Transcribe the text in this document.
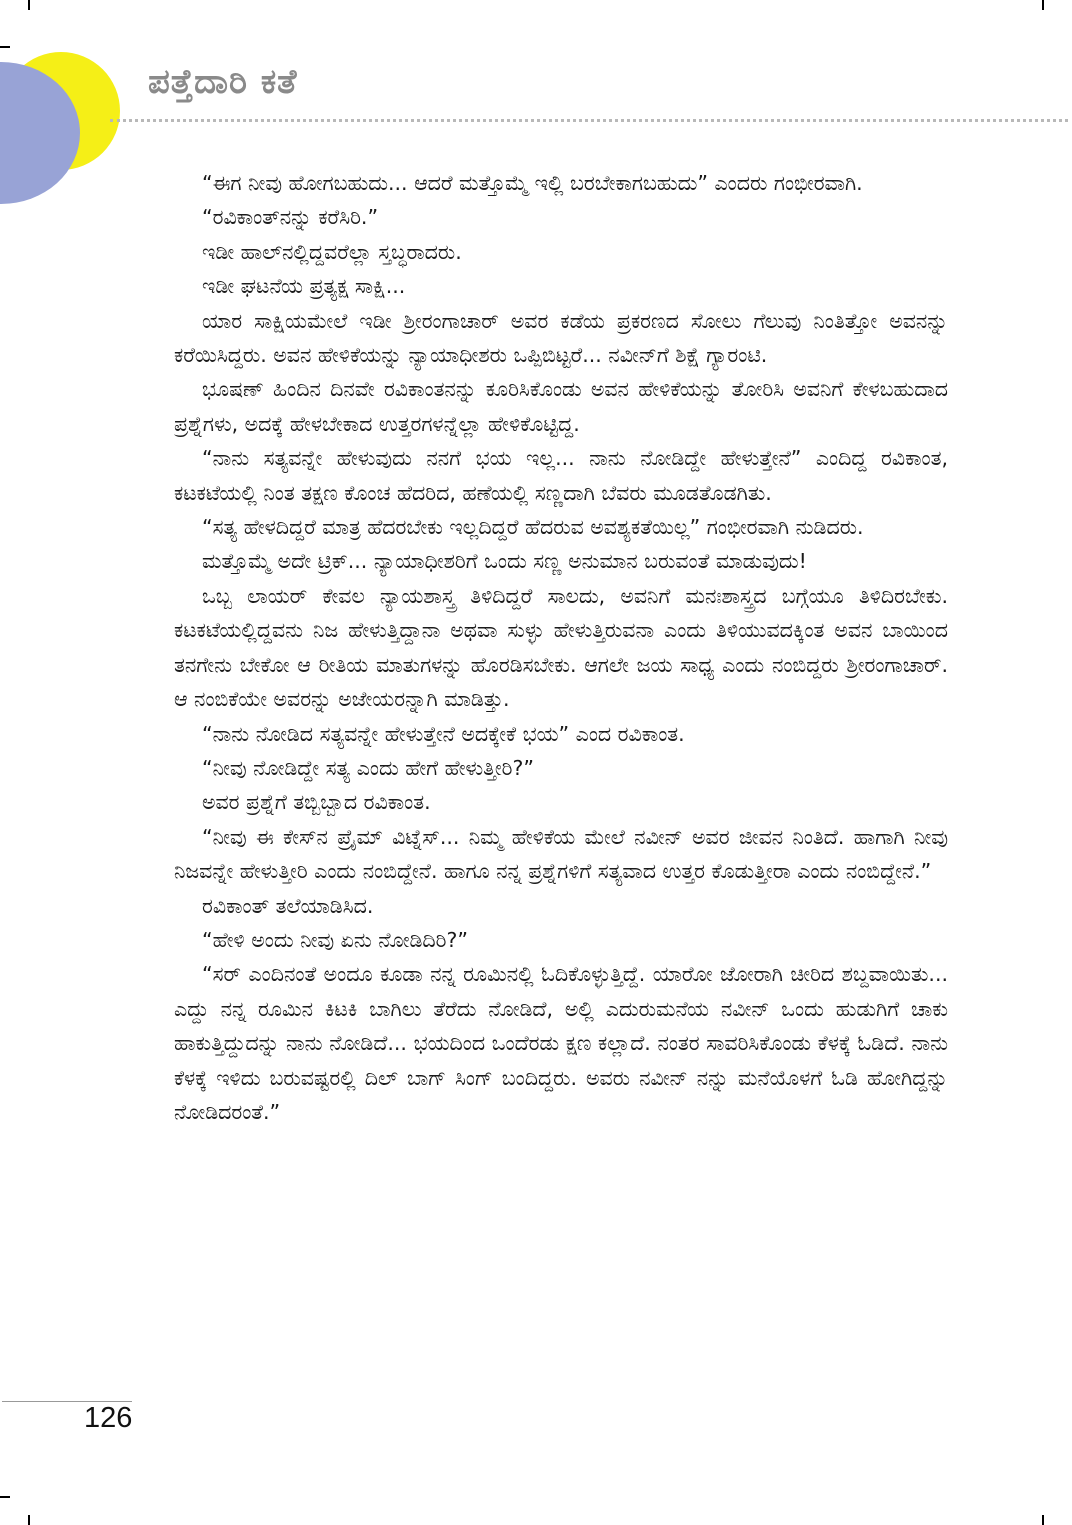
ಪತ್ತೆದಾರಿ ಕತೆ

“ಈಗ ನೀವು ಹೋಗಬಹುದು... ಆದರೆ ಮತ್ತೊಮ್ಮೆ ಇಲ್ಲಿ ಬರಬೇಕಾಗಬಹುದು” ಎಂದರು ಗಂಭೀರವಾಗಿ.

“ರವಿಕಾಂತ್‌ನನ್ನು ಕರೆಸಿರಿ.”

ಇಡೀ ಹಾಲ್‌ನಲ್ಲಿದ್ದವರೆಲ್ಲಾ ಸ್ತಬ್ಧರಾದರು.

ಇಡೀ ಘಟನೆಯ ಪ್ರತ್ಯಕ್ಷ ಸಾಕ್ಷಿ...

ಯಾರ ಸಾಕ್ಷಿಯಮೇಲೆ ಇಡೀ ಶ್ರೀರಂಗಾಚಾರ್ ಅವರ ಕಡೆಯ ಪ್ರಕರಣದ ಸೋಲು ಗೆಲುವು ನಿಂತಿತ್ತೋ ಅವನನ್ನು ಕರೆಯಿಸಿದ್ದರು. ಅವನ ಹೇಳಿಕೆಯನ್ನು ನ್ಯಾಯಾಧೀಶರು ಒಪ್ಪಿಬಿಟ್ಟರೆ... ನವೀನ್‌ಗೆ ಶಿಕ್ಷೆ ಗ್ಯಾರಂಟಿ.

ಭೂಷಣ್ ಹಿಂದಿನ ದಿನವೇ ರವಿಕಾಂತನನ್ನು ಕೂರಿಸಿಕೊಂಡು ಅವನ ಹೇಳಿಕೆಯನ್ನು ತೋರಿಸಿ ಅವನಿಗೆ ಕೇಳಬಹುದಾದ ಪ್ರಶ್ನೆಗಳು, ಅದಕ್ಕೆ ಹೇಳಬೇಕಾದ ಉತ್ತರಗಳನ್ನೆಲ್ಲಾ ಹೇಳಿಕೊಟ್ಟಿದ್ದ.

“ನಾನು ಸತ್ಯವನ್ನೇ ಹೇಳುವುದು ನನಗೆ ಭಯ ಇಲ್ಲ... ನಾನು ನೋಡಿದ್ದೇ ಹೇಳುತ್ತೇನೆ” ಎಂದಿದ್ದ ರವಿಕಾಂತ, ಕಟಕಟೆಯಲ್ಲಿ ನಿಂತ ತಕ್ಷಣ ಕೊಂಚ ಹೆದರಿದ, ಹಣೆಯಲ್ಲಿ ಸಣ್ಣದಾಗಿ ಬೆವರು ಮೂಡತೊಡಗಿತು.

“ಸತ್ಯ ಹೇಳದಿದ್ದರೆ ಮಾತ್ರ ಹೆದರಬೇಕು ಇಲ್ಲದಿದ್ದರೆ ಹೆದರುವ ಅವಶ್ಯಕತೆಯಿಲ್ಲ” ಗಂಭೀರವಾಗಿ ನುಡಿದರು.

ಮತ್ತೊಮ್ಮೆ ಅದೇ ಟ್ರಿಕ್... ನ್ಯಾಯಾಧೀಶರಿಗೆ ಒಂದು ಸಣ್ಣ ಅನುಮಾನ ಬರುವಂತೆ ಮಾಡುವುದು!

ಒಬ್ಬ ಲಾಯರ್ ಕೇವಲ ನ್ಯಾಯಶಾಸ್ತ್ರ ತಿಳಿದಿದ್ದರೆ ಸಾಲದು, ಅವನಿಗೆ ಮನಃಶಾಸ್ತ್ರದ ಬಗ್ಗೆಯೂ ತಿಳಿದಿರಬೇಕು. ಕಟಕಟೆಯಲ್ಲಿದ್ದವನು ನಿಜ ಹೇಳುತ್ತಿದ್ದಾನಾ ಅಥವಾ ಸುಳ್ಳು ಹೇಳುತ್ತಿರುವನಾ ಎಂದು ತಿಳಿಯುವದಕ್ಕಿಂತ ಅವನ ಬಾಯಿಂದ ತನಗೇನು ಬೇಕೋ ಆ ರೀತಿಯ ಮಾತುಗಳನ್ನು ಹೊರಡಿಸಬೇಕು. ಆಗಲೇ ಜಯ ಸಾಧ್ಯ ಎಂದು ನಂಬಿದ್ದರು ಶ್ರೀರಂಗಾಚಾರ್. ಆ ನಂಬಿಕೆಯೇ ಅವರನ್ನು ಅಜೇಯರನ್ನಾಗಿ ಮಾಡಿತ್ತು.

“ನಾನು ನೋಡಿದ ಸತ್ಯವನ್ನೇ ಹೇಳುತ್ತೇನೆ ಅದಕ್ಕೇಕೆ ಭಯ” ಎಂದ ರವಿಕಾಂತ.

“ನೀವು ನೋಡಿದ್ದೇ ಸತ್ಯ ಎಂದು ಹೇಗೆ ಹೇಳುತ್ತೀರಿ?”

ಅವರ ಪ್ರಶ್ನೆಗೆ ತಬ್ಬಿಬ್ಬಾದ ರವಿಕಾಂತ.

“ನೀವು ಈ ಕೇಸ್‌ನ ಪ್ರೈಮ್ ವಿಟ್ನೆಸ್... ನಿಮ್ಮ ಹೇಳಿಕೆಯ ಮೇಲೆ ನವೀನ್ ಅವರ ಜೀವನ ನಿಂತಿದೆ. ಹಾಗಾಗಿ ನೀವು ನಿಜವನ್ನೇ ಹೇಳುತ್ತೀರಿ ಎಂದು ನಂಬಿದ್ದೇನೆ. ಹಾಗೂ ನನ್ನ ಪ್ರಶ್ನೆಗಳಿಗೆ ಸತ್ಯವಾದ ಉತ್ತರ ಕೊಡುತ್ತೀರಾ ಎಂದು ನಂಬಿದ್ದೇನೆ.”

ರವಿಕಾಂತ್ ತಲೆಯಾಡಿಸಿದ.

“ಹೇಳಿ ಅಂದು ನೀವು ಏನು ನೋಡಿದಿರಿ?”

“ಸರ್ ಎಂದಿನಂತೆ ಅಂದೂ ಕೂಡಾ ನನ್ನ ರೂಮಿನಲ್ಲಿ ಓದಿಕೊಳ್ಳುತ್ತಿದ್ದೆ. ಯಾರೋ ಜೋರಾಗಿ ಚೀರಿದ ಶಬ್ದವಾಯಿತು... ಎದ್ದು ನನ್ನ ರೂಮಿನ ಕಿಟಕಿ ಬಾಗಿಲು ತೆರೆದು ನೋಡಿದೆ, ಅಲ್ಲಿ ಎದುರುಮನೆಯ ನವೀನ್ ಒಂದು ಹುಡುಗಿಗೆ ಚಾಕು ಹಾಕುತ್ತಿದ್ದುದನ್ನು ನಾನು ನೋಡಿದೆ... ಭಯದಿಂದ ಒಂದೆರಡು ಕ್ಷಣ ಕಲ್ಲಾದೆ. ನಂತರ ಸಾವರಿಸಿಕೊಂಡು ಕೆಳಕ್ಕೆ ಓಡಿದೆ. ನಾನು ಕೆಳಕ್ಕೆ ಇಳಿದು ಬರುವಷ್ಟರಲ್ಲಿ ದಿಲ್ ಬಾಗ್ ಸಿಂಗ್ ಬಂದಿದ್ದರು. ಅವರು ನವೀನ್ ನನ್ನು ಮನೆಯೊಳಗೆ ಓಡಿ ಹೋಗಿದ್ದನ್ನು ನೋಡಿದರಂತೆ.”

126
